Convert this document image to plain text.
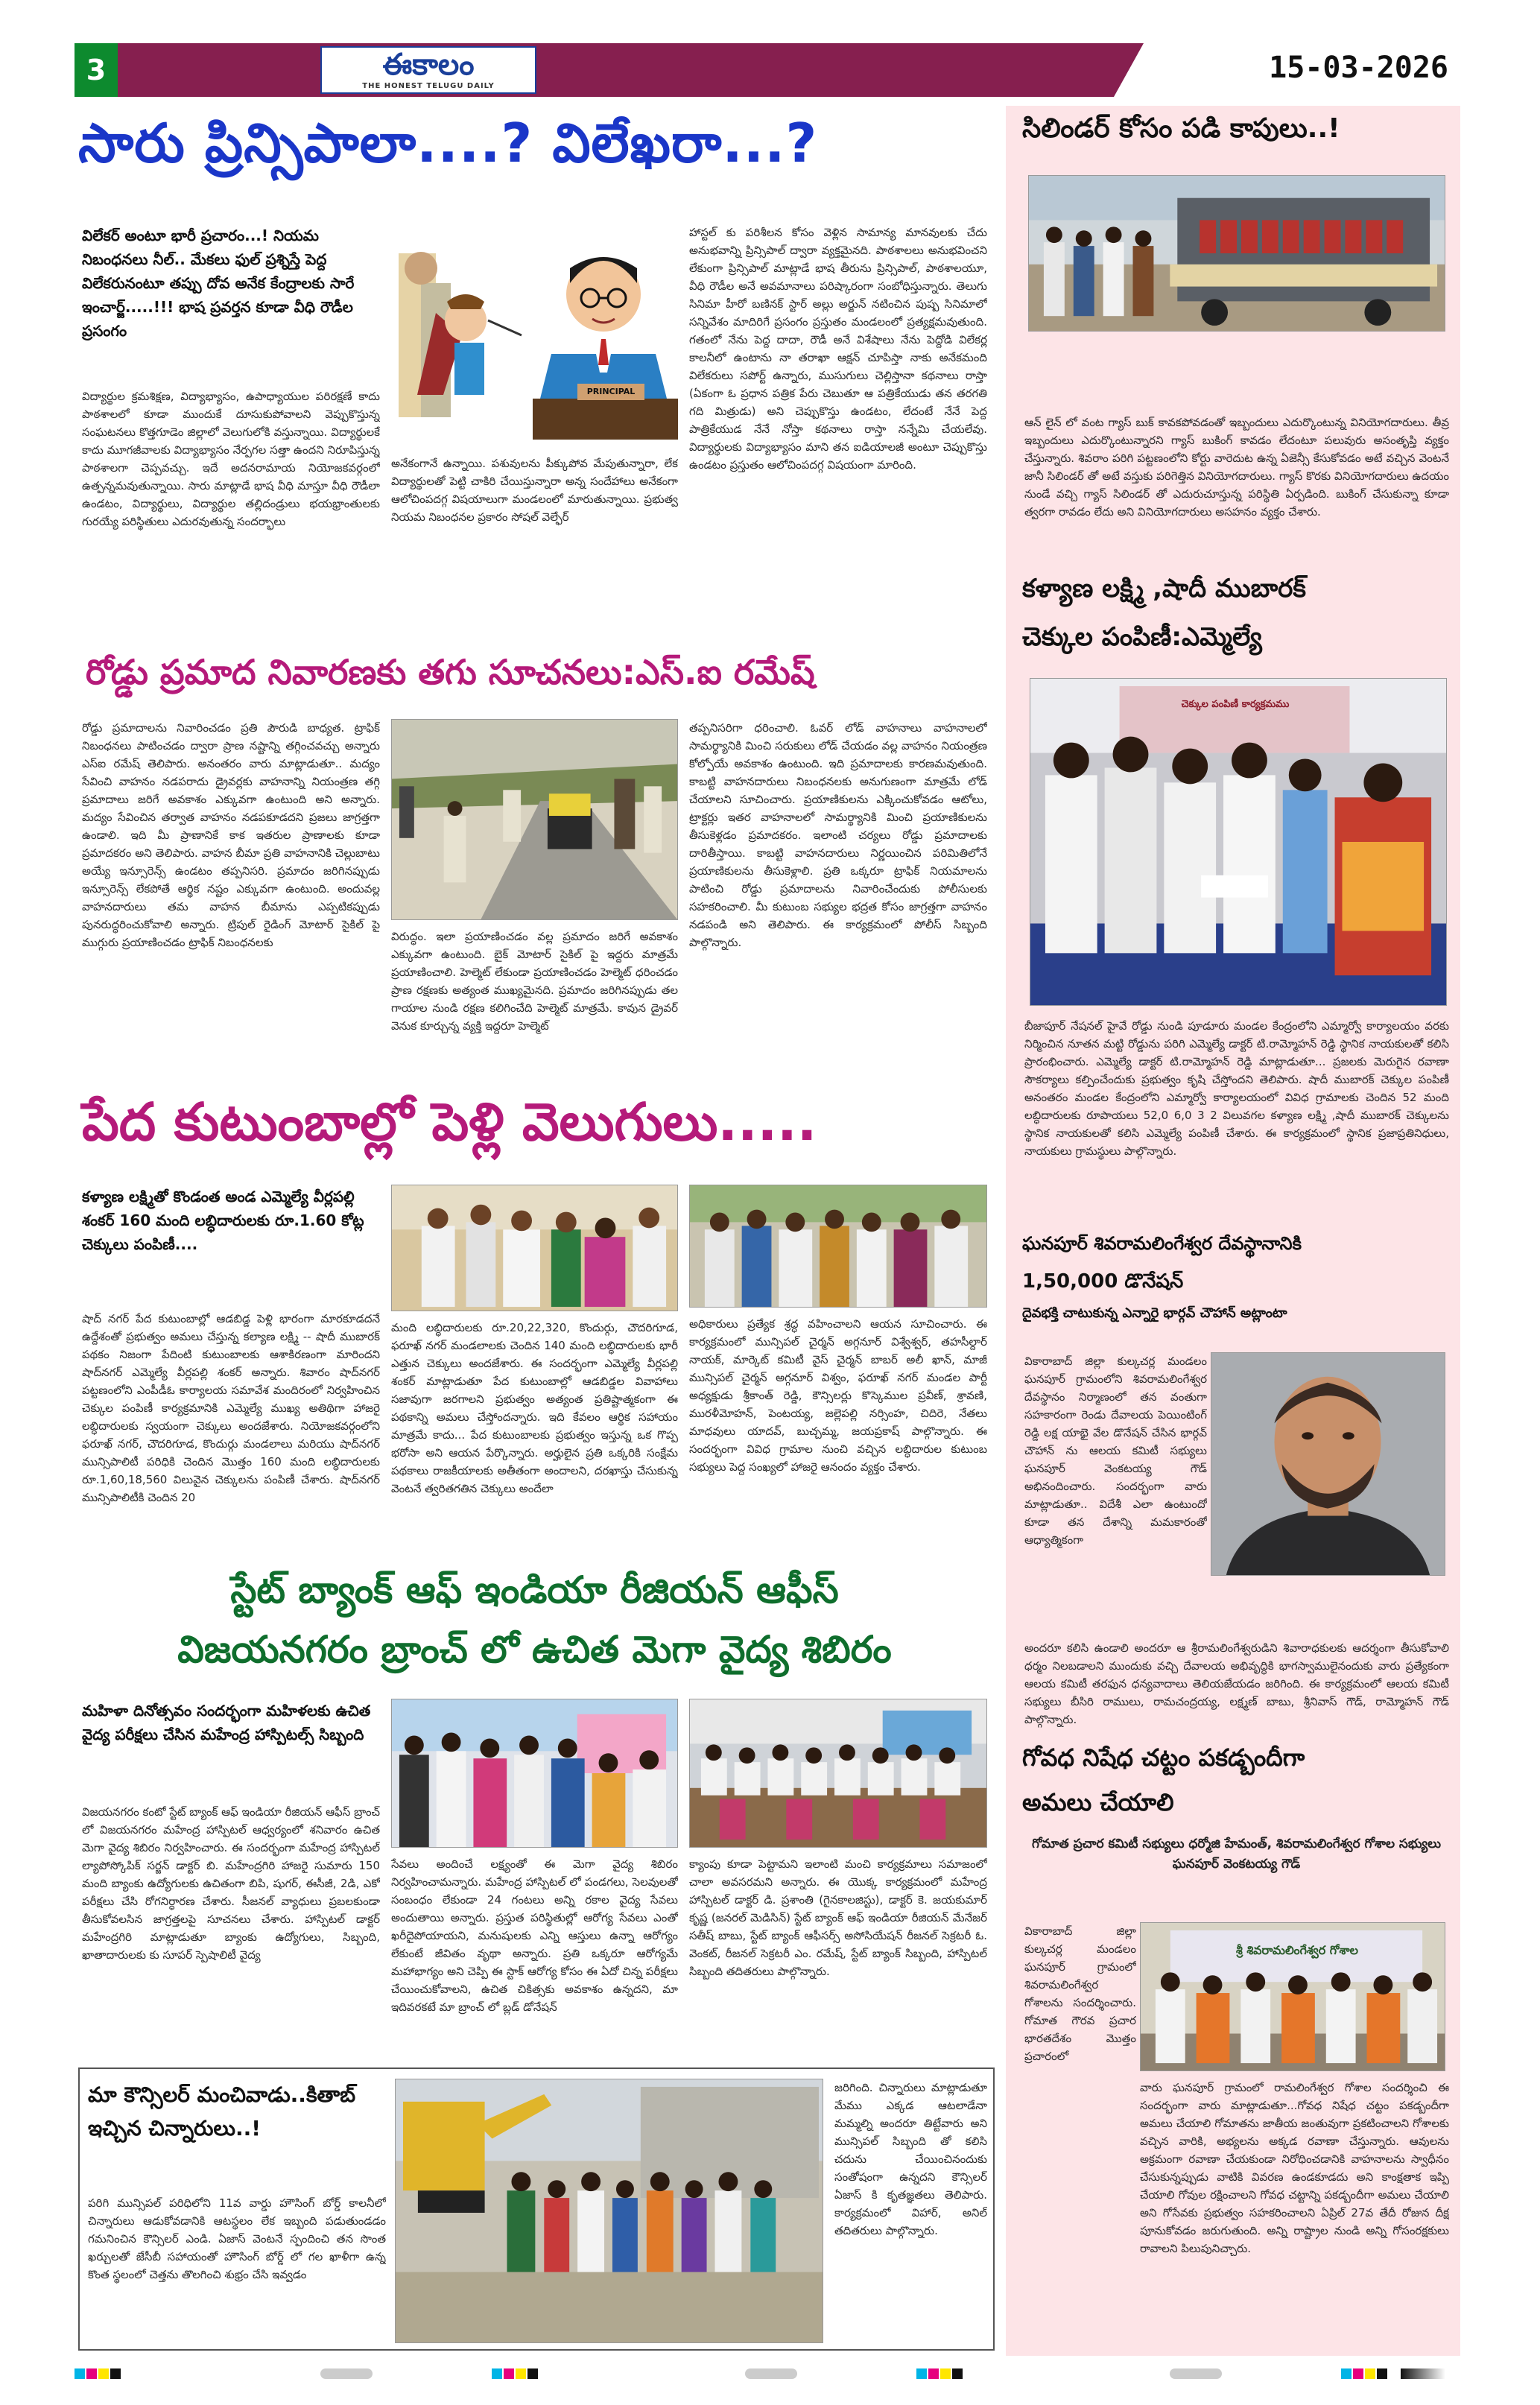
3	ఈకాలం
THE HONEST TELUGU DAILY
15-03-2026
సారు ప్రిన్సిపాలా....? విలేఖరా...?
విలేకర్ అంటూ భారీ ప్రచారం...! నియమ నిబంధనలు నీల్.. మేకలు ఫుల్ ప్రశ్నిస్తే పెద్ద విలేకరునంటూ తప్పు దోవ అనేక కేంద్రాలకు సారే ఇంచార్జ్.....!!! భాష ప్రవర్తన కూడా వీధి రౌడీల ప్రసంగం
విద్యార్థుల క్రమశిక్షణ, విద్యాభ్యాసం, ఉపాధ్యాయుల పరిరక్షణే కాదు పాఠశాలలో కూడా ముందుకే దూసుకుపోవాలని వెప్పుకొస్తున్న సంఘటనలు కొత్తగూడెం జిల్లాలో వెలుగులోకి వస్తున్నాయి. విద్యార్థులకే కాదు మూగజీవాలకు విద్యాభ్యాసం నేర్పగల సత్తా ఉందని నిరూపిస్తున్న పాఠశాలగా చెప్పవచ్చు. ఇదే అదనరామాయ నియోజకవర్గంలో ఉత్పన్నమవుతున్నాయి. సారు మాట్లాడే భాష వీధి మాస్తూ వీధి రౌడీలా ఉండటం, విద్యార్థులు, విద్యార్థుల తల్లిదండ్రులు భయభ్రాంతులకు గురయ్యే పరిస్థితులు ఎదురవుతున్న సందర్భాలు
PRINCIPAL
అనేకంగానే ఉన్నాయి. పశువులను పీక్కుపోవ మేపుతున్నారా, లేక విద్యార్థులతో పెట్టి చాకిరి చేయిస్తున్నారా అన్న సందేహాలు అనేకంగా ఆలోచింపదగ్గ విషయాలుగా మండలంలో మారుతున్నాయి. ప్రభుత్వ నియమ నిబంధనల ప్రకారం సోషల్ వెల్ఫేర్
హాస్టల్ కు పరిశీలన కోసం వెళ్లిన సామాన్య మానవులకు చేదు అనుభవాన్ని ప్రిన్సిపాల్ ద్వారా వ్యక్తమైనది. పాఠశాలలు అనుభవించని లేకుంగా ప్రిన్సిపాల్ మాట్లాడే భాష తీరును ప్రిన్సిపాల్, పాఠశాలయూ, వీధి రౌడీల అనే అవమానాలు పరిష్కారంగా సంబోధిస్తున్నారు. తెలుగు సినిమా హీరో బణినక్ స్టార్ అల్లు అర్జున్ నటించిన పుష్ప సినిమాలో సన్నివేశం మాదిరిగే ప్రసంగం ప్రస్తుతం మండలంలో ప్రత్యక్షమవుతుంది. గతంలో నేను పెద్ద దాదా, రౌడీ అనే విశేషాలు నేను పెద్దోడి విలేకర్ల కాలనీలో ఉంటాను నా తరాఖా ఆక్షన్ చూపిస్తా నాకు అనేకమంది విలేకరులు సపోర్ట్ ఉన్నారు, ముసుగులు చెల్లిస్తానా కథనాలు రాస్తా (ఏకంగా ఓ ప్రధాన పత్రిక పేరు చెబుతూ ఆ పత్రికేయుడు తన తరగతి గది మిత్రుడు) అని చెప్పుకొస్తు ఉండటం, లేదంటే నేనే పెద్ద పాత్రికేయుడ నేనే నోస్తా కథనాలు రాస్తా నన్నేమి చేయలేవు. విద్యార్థులకు విద్యాభ్యాసం మాని తన ఐడియాలజీ అంటూ చెప్పుకొస్తు ఉండటం ప్రస్తుతం ఆలోచింపదగ్గ విషయంగా మారింది.
రోడ్డు ప్రమాద నివారణకు తగు సూచనలు:ఎస్.ఐ రమేష్
రోడ్డు ప్రమాదాలను నివారించడం ప్రతి పౌరుడి బాధ్యత. ట్రాఫిక్ నిబంధనలు పాటించడం ద్వారా ప్రాణ నష్టాన్ని తగ్గించవచ్చు అన్నారు ఎస్ఐ రమేష్ తెలిపారు. అనంతరం వారు మాట్లాడుతూ.. మద్యం సేవించి వాహనం నడపరాదు డ్రైవర్లకు వాహనాన్ని నియంత్రణ తగ్గి ప్రమాదాలు జరిగే అవకాశం ఎక్కువగా ఉంటుంది అని అన్నారు. మద్యం సేవించిన తర్వాత వాహనం నడపకూడదని ప్రజలు జాగ్రత్తగా ఉండాలి. ఇది మీ ప్రాణానికే కాక ఇతరుల ప్రాణాలకు కూడా ప్రమాదకరం అని తెలిపారు. వాహన బీమా ప్రతి వాహనానికి చెల్లుబాటు అయ్యే ఇన్సూరెన్స్ ఉండటం తప్పనిసరి. ప్రమాదం జరిగినప్పుడు ఇన్సూరెన్స్ లేకపోతే ఆర్థిక నష్టం ఎక్కువగా ఉంటుంది. అందువల్ల వాహనదారులు తమ వాహన బీమాను ఎప్పటికప్పుడు పునరుద్ధరించుకోవాలి అన్నారు. ట్రిపుల్ రైడింగ్ మోటార్ సైకిల్ పై ముగ్గురు ప్రయాణించడం ట్రాఫిక్ నిబంధనలకు	విరుద్ధం. ఇలా ప్రయాణించడం వల్ల ప్రమాదం జరిగే అవకాశం ఎక్కువగా ఉంటుంది. బైక్ మోటార్ సైకిల్ పై ఇద్దరు మాత్రమే ప్రయాణించాలి. హెల్మెట్ లేకుండా ప్రయాణించడం హెల్మెట్ ధరించడం ప్రాణ రక్షణకు అత్యంత ముఖ్యమైనది. ప్రమాదం జరిగినప్పుడు తల గాయాల నుండి రక్షణ కలిగించేది హెల్మెట్ మాత్రమే. కావున డ్రైవర్ వెనుక కూర్చున్న వ్యక్తి ఇద్దరూ హెల్మెట్
తప్పనిసరిగా ధరించాలి. ఓవర్ లోడ్ వాహనాలు వాహనాలలో సామర్థ్యానికి మించి సరుకులు లోడ్ చేయడం వల్ల వాహనం నియంత్రణ కోల్పోయే అవకాశం ఉంటుంది. ఇది ప్రమాదాలకు కారణమవుతుంది. కాబట్టి వాహనదారులు నిబంధనలకు అనుగుణంగా మాత్రమే లోడ్ చేయాలని సూచించారు. ప్రయాణికులను ఎక్కించుకోవడం ఆటోలు, ట్రాక్టర్లు ఇతర వాహనాలలో సామర్థ్యానికి మించి ప్రయాణికులను తీసుకెళ్లడం ప్రమాదకరం. ఇలాంటి చర్యలు రోడ్డు ప్రమాదాలకు దారితీస్తాయి. కాబట్టి వాహనదారులు నిర్ణయించిన పరిమితిలోనే ప్రయాణికులను తీసుకెళ్లాలి. ప్రతి ఒక్కరూ ట్రాఫిక్ నియమాలను పాటించి రోడ్డు ప్రమాదాలను నివారించేందుకు పోలీసులకు సహకరించాలి. మీ కుటుంబ సభ్యుల భద్రత కోసం జాగ్రత్తగా వాహనం నడపండి అని తెలిపారు. ఈ కార్యక్రమంలో పోలీస్ సిబ్బంది పాల్గొన్నారు.
పేద కుటుంబాల్లో పెళ్లి వెలుగులు.....
కళ్యాణ లక్ష్మితో కొండంత అండ ఎమ్మెల్యే వీర్లపల్లి శంకర్ 160 మంది లబ్ధిదారులకు రూ.1.60 కోట్ల చెక్కులు పంపిణీ....
షాద్ నగర్ పేద కుటుంబాల్లో ఆడబిడ్డ పెళ్లి భారంగా మారకూడదనే ఉద్దేశంతో ప్రభుత్వం అమలు చేస్తున్న కల్యాణ లక్ష్మి -- షాదీ ముబారక్ పథకం నిజంగా పేదింటి కుటుంబాలకు ఆశాకిరణంగా మారిందని షాద్‌నగర్ ఎమ్మెల్యే వీర్లపల్లి శంకర్ అన్నారు. శివారం షాద్‌నగర్ పట్టణంలోని ఎంపీడీఓ కార్యాలయ సమావేశ మందిరంలో నిర్వహించిన చెక్కుల పంపిణీ కార్యక్రమానికి ఎమ్మెల్యే ముఖ్య అతిథిగా హాజరై లబ్ధిదారులకు స్వయంగా చెక్కులు అందజేశారు. నియోజకవర్గంలోని ఫరూఖ్ నగర్, చౌదరిగూడ, కొందుర్గు మండలాలు మరియు షాద్‌నగర్ మున్సిపాలిటీ పరిధికి చెందిన మొత్తం 160 మంది లబ్ధిదారులకు రూ.1,60,18,560 విలువైన చెక్కులను పంపిణీ చేశారు. షాద్‌నగర్ మున్సిపాలిటీకి చెందిన 20
మంది లబ్ధిదారులకు రూ.20,22,320, కొందుర్గు, చౌదరిగూడ, ఫరూఖ్ నగర్ మండలాలకు చెందిన 140 మంది లబ్ధిదారులకు భారీ ఎత్తున చెక్కులు అందజేశారు. ఈ సందర్భంగా ఎమ్మెల్యే వీర్లపల్లి శంకర్ మాట్లాడుతూ పేద కుటుంబాల్లో ఆడబిడ్డల వివాహాలు సజావుగా జరగాలని ప్రభుత్వం అత్యంత ప్రతిష్టాత్మకంగా ఈ పథకాన్ని అమలు చేస్తోందన్నారు. ఇది కేవలం ఆర్థిక సహాయం మాత్రమే కాదు... పేద కుటుంబాలకు ప్రభుత్వం ఇస్తున్న ఒక గొప్ప భరోసా అని ఆయన పేర్కొన్నారు. అర్హులైన ప్రతి ఒక్కరికి సంక్షేమ పథకాలు రాజకీయాలకు అతీతంగా అందాలని, దరఖాస్తు చేసుకున్న వెంటనే త్వరితగతిన చెక్కులు అందేలా
అధికారులు ప్రత్యేక శ్రద్ధ వహించాలని ఆయన సూచించారు. ఈ కార్యక్రమంలో మున్సిపల్ చైర్మన్ అగ్గనూర్ విశ్వేశ్వర్, తహసీల్దార్ నాయక్, మార్కెట్ కమిటీ వైస్ చైర్మన్ బాబర్ అలీ ఖాన్, మాజీ మున్సిపల్ చైర్మన్ అగ్గనూర్ విశ్వం, ఫరూఖ్ నగర్ మండల పార్టీ అధ్యక్షుడు శ్రీకాంత్ రెడ్డి, కౌన్సిలర్లు కొస్కెముల ప్రవీణ్, శ్రావణి, మురళీమోహన్, పెంటయ్య, జల్లెపల్లి నర్సింహ, చిదిరె, నేతలు మాధవులు యాదవ్, బుచ్చమ్మ, జయప్రకాష్ పాల్గొన్నారు. ఈ సందర్భంగా వివిధ గ్రామాల నుంచి వచ్చిన లబ్ధిదారుల కుటుంబ సభ్యులు పెద్ద సంఖ్యలో హాజరై ఆనందం వ్యక్తం చేశారు.
స్టేట్ బ్యాంక్ ఆఫ్ ఇండియా రీజియన్ ఆఫీస్
విజయనగరం బ్రాంచ్ లో ఉచిత మెగా వైద్య శిబిరం
మహిళా దినోత్సవం సందర్భంగా మహిళలకు ఉచిత వైద్య పరీక్షలు చేసిన మహేంద్ర హాస్పిటల్స్ సిబ్బంది
విజయనగరం కంటో స్టేట్ బ్యాంక్ ఆఫ్ ఇండియా రీజియన్ ఆఫీస్ బ్రాంచ్ లో విజయనగరం మహేంద్ర హాస్పిటల్ ఆధ్వర్యంలో శనివారం ఉచిత మెగా వైద్య శిబిరం నిర్వహించారు. ఈ సందర్భంగా మహేంద్ర హాస్పిటల్ ల్యాపోస్కోపిక్ సర్జన్ డాక్టర్ బి. మహేంద్రగిరి హాజరై సుమారు 150 మంది బ్యాంకు ఉద్యోగులకు ఉచితంగా బిపి, షుగర్, ఈసీజీ, 2డి, ఎకో పరీక్షలు చేసి రోగనిర్ధారణ చేశారు. సీజనల్ వ్యాధులు ప్రబలకుండా తీసుకోవలసిన జాగ్రత్తలపై సూచనలు చేశారు. హాస్పిటల్ డాక్టర్ మహేంద్రగిరి మాట్లాడుతూ బ్యాంకు ఉద్యోగులు, సిబ్బంది, ఖాతాదారులకు కు సూపర్ స్పెషాలిటీ వైద్య
సేవలు అందించే లక్ష్యంతో ఈ మెగా వైద్య శిబిరం నిర్వహించామన్నారు. మహేంద్ర హాస్పిటల్ లో పండగలు, సెలవులతో సంబంధం లేకుండా 24 గంటలు అన్ని రకాల వైద్య సేవలు అందుతాయి అన్నారు. ప్రస్తుత పరిస్థితుల్లో ఆరోగ్య సేవలు ఎంతో ఖరీదైపోయాయని, మనుషులకు ఎన్ని ఆస్తులు ఉన్నా ఆరోగ్యం లేకుంటే జీవితం వృథా అన్నారు. ప్రతి ఒక్కరూ ఆరోగ్యమే మహాభాగ్యం అని చెప్పి ఈ స్టాక్ ఆరోగ్య కోసం ఈ ఏదో చిన్న పరీక్షలు చేయించుకోవాలని, ఉచిత చికిత్సకు అవకాశం ఉన్నదని, మా ఇదివరకటే మా బ్రాంచ్ లో బ్లడ్ డోనేషన్
క్యాంపు కూడా పెట్టామని ఇలాంటి మంచి కార్యక్రమాలు సమాజంలో చాలా అవసరమని అన్నారు. ఈ యొక్క కార్యక్రమంలో మహేంద్ర హాస్పిటల్ డాక్టర్ డి. ప్రశాంతి (గైనకాలజిస్టు), డాక్టర్ కె. జయకుమార్ కృష్ణ (జనరల్ మెడిసిన్) స్టేట్ బ్యాంక్ ఆఫ్ ఇండియా రీజియన్ మేనేజర్ సతీష్ బాబు, స్టేట్ బ్యాంక్ ఆఫీసర్స్ అసోసియేషన్ రీజనల్ సెక్రటరీ ఓ. వెంకట్, రీజనల్ సెక్రటరీ ఎం. రమేష్, స్టేట్ బ్యాంక్ సిబ్బంది, హాస్పిటల్ సిబ్బంది తదితరులు పాల్గొన్నారు.
మా కౌన్సిలర్ మంచివాడు..కితాబ్ ఇచ్చిన చిన్నారులు..!
పరిగి మున్సిపల్ పరిధిలోని 11వ వార్డు హౌసింగ్ బోర్డ్ కాలనీలో చిన్నారులు ఆడుకోవడానికి ఆటస్థలం లేక ఇబ్బంది పడుతుండడం గమనించిన కౌన్సిలర్ ఎండి. ఏజాస్ వెంటనే స్పందించి తన సొంత ఖర్చులతో జేసీబీ సహాయంతో హౌసింగ్ బోర్డ్ లో గల ఖాళీగా ఉన్న కొంత స్థలంలో చెత్తను తొలగించి శుభ్రం చేసి ఇవ్వడం
జరిగింది. చిన్నారులు మాట్లాడుతూ మేము ఎక్కడ ఆటలాడేనా మమ్మల్ని అందరూ తిట్టేవారు అని మున్సిపల్ సిబ్బంది తో కలిసి చదును చేయించినందుకు సంతోషంగా ఉన్నదని కౌన్సిలర్ ఏజాస్ కి కృతజ్ఞతలు తెలిపారు. కార్యక్రమంలో విహార్, అనిల్ తదితరులు పాల్గొన్నారు.
సిలిండర్ కోసం పడి కాపులు..!
ఆన్ లైన్ లో వంట గ్యాస్ బుక్ కావకపోవడంతో ఇబ్బందులు ఎదుర్కొంటున్న వినియోగదారులు. తీవ్ర ఇబ్బందులు ఎదుర్కొంటున్నారని గ్యాస్ బుకింగ్ కావడం లేదంటూ పలువురు అసంతృప్తి వ్యక్తం చేస్తున్నారు. శివరాం పరిగి పట్టణంలోని కోర్టు వారెదుట ఉన్న ఏజెన్సీ కేసుకోవడం అటే వచ్చిన వెంటనే జానీ సిలిండర్ తో అటే వస్తుకు పరిగెత్తిన వినియోగదారులు. గ్యాస్ కొరకు వినియోగదారులు ఉదయం నుండే వచ్చి గ్యాస్ సిలిండర్ తో ఎదురుచూస్తున్న పరిస్థితి ఏర్పడింది. బుకింగ్ చేసుకున్నా కూడా త్వరగా రావడం లేదు అని వినియోగదారులు అసహనం వ్యక్తం చేశారు.
కళ్యాణ లక్ష్మి ,షాదీ ముబారక్
చెక్కుల పంపిణీ:ఎమ్మెల్యే
చెక్కుల పంపిణీ కార్యక్రమము
బీజాపూర్ నేషనల్ హైవే రోడ్డు నుండి పూడూరు మండల కేంద్రంలోని ఎమ్మార్వో కార్యాలయం వరకు నిర్మించిన నూతన మట్టి రోడ్డును పరిగి ఎమ్మెల్యే డాక్టర్ టి.రామ్మోహన్ రెడ్డి స్థానిక నాయకులతో కలిసి ప్రారంభించారు. ఎమ్మెల్యే డాక్టర్ టి.రామ్మోహన్ రెడ్డి మాట్లాడుతూ... ప్రజలకు మెరుగైన రవాణా సౌకర్యాలు కల్పించేందుకు ప్రభుత్వం కృషి చేస్తోందని తెలిపారు. షాదీ ముబారక్ చెక్కుల పంపిణీ అనంతరం మండల కేంద్రంలోని ఎమ్మార్వో కార్యాలయంలో వివిధ గ్రామాలకు చెందిన 52 మంది లబ్ధిదారులకు రూపాయలు 52,0 6,0 3 2 విలువగల కళ్యాణ లక్ష్మి ,షాదీ ముబారక్ చెక్కులను స్థానిక నాయకులతో కలిసి ఎమ్మెల్యే పంపిణీ చేశారు. ఈ కార్యక్రమంలో స్థానిక ప్రజాప్రతినిధులు, నాయకులు గ్రామస్థులు పాల్గొన్నారు.
ఘనపూర్ శివరామలింగేశ్వర దేవస్థానానికి
1,50,000 డొనేషన్
దైవభక్తి చాటుకున్న ఎన్నారై భార్గవ్ చౌహాన్ అట్లాంటా
వికారాబాద్ జిల్లా కుల్కచర్ల మండలం ఘనపూర్ గ్రామంలోని శివరామలింగేశ్వర దేవస్థానం నిర్మాణంలో తన వంతుగా సహకారంగా రెండు దేవాలయ పెయింటింగ్ రెడ్డి లక్ష యాభై వేల డొనేషన్ చేసిన భార్గవ్ చౌహాన్ ను ఆలయ కమిటీ సభ్యులు ఘనపూర్ వెంకటయ్య గౌడ్ అభినందించారు. సందర్భంగా వారు మాట్లాడుతూ.. విదేశీ ఎలా ఉంటుందో కూడా తన దేశాన్ని మమకారంతో ఆధ్యాత్మికంగా
అందరూ కలిసి ఉండాలి అందరూ ఆ శ్రీరామలింగేశ్వరుడిని శివారాధకులకు ఆదర్శంగా తీసుకోవాలి ధర్మం నిలబడాలని ముందుకు వచ్చి దేవాలయ అభివృద్ధికి భాగస్వాములైనందుకు వారు ప్రత్యేకంగా ఆలయ కమిటీ తరఫున ధన్యవాదాలు తెలియజేయడం జరిగింది. ఈ కార్యక్రమంలో ఆలయ కమిటీ సభ్యులు బీసిరి రాములు, రామచంద్రయ్య, లక్ష్మణ్ బాబు, శ్రీనివాస్ గౌడ్, రామ్మోహన్ గౌడ్ పాల్గొన్నారు.
గోవధ నిషేధ చట్టం పకడ్బందీగా
అమలు చేయాలి
గోమాత ప్రచార కమిటీ సభ్యులు ధర్మోజి హేమంత్, శివరామలింగేశ్వర గోశాల సభ్యులు ఘనపూర్ వెంకటయ్య గౌడ్
వికారాబాద్ జిల్లా కుల్కచర్ల మండలం ఘనపూర్ గ్రామంలో శివరామలింగేశ్వర గోశాలను సందర్శించారు. గోమాత గౌరవ ప్రచార భారతదేశం మొత్తం ప్రచారంలో
శ్రీ శివరామలింగేశ్వర గోశాల
వారు ఘనపూర్ గ్రామంలో రామలింగేశ్వర గోశాల సందర్శించి ఈ సందర్భంగా వారు మాట్లాడుతూ...గోవధ నిషేధ చట్టం పకడ్బందీగా అమలు చేయాలి గోమాతను జాతీయ జంతువుగా ప్రకటించాలని గోశాలకు వచ్చిన వారికి, అభ్యలను అక్కడ రవాణా చేస్తున్నారు. ఆవులను అక్రమంగా రవాణా చేయకుండా నిరోధించడానికి వాహనాలను స్వాధీనం చేసుకున్నప్పుడు వాటికి వివరణ ఉండకూడదు అని కాంక్షతాక ఇప్పి చేయాలి గోవుల రక్షించాలని గోవధ చట్టాన్ని పకడ్బందీగా అమలు చేయాలి అని గోసేవకు ప్రభుత్వం సహకరించాలని ఏప్రిల్ 27వ తేదీ రోజున దీక్ష పూనుకోవడం జరుగుతుంది. అన్ని రాష్ట్రాల నుండి అన్ని గోసంరక్షకులు రావాలని పిలుపునిచ్చారు.
